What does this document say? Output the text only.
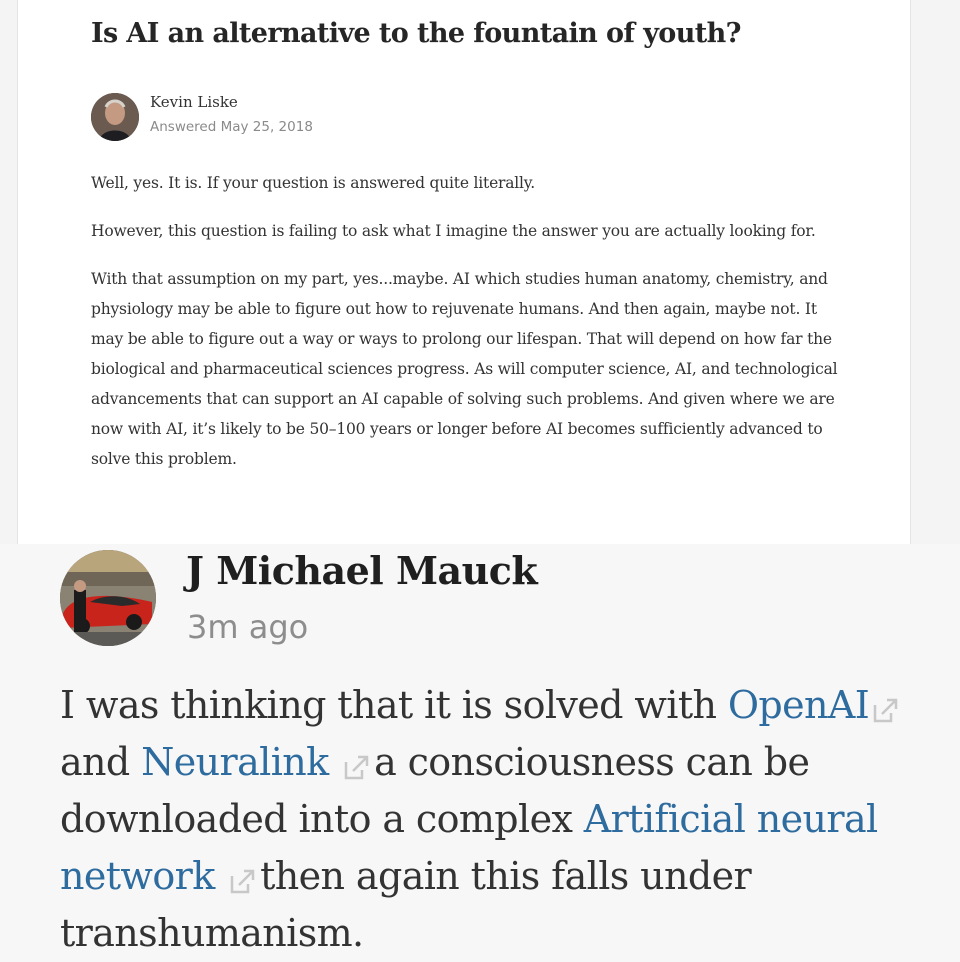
Is AI an alternative to the fountain of youth?
Kevin Liske
Answered May 25, 2018

Well, yes. It is. If your question is answered quite literally.

However, this question is failing to ask what I imagine the answer you are actually looking for.

With that assumption on my part, yes...maybe. AI which studies human anatomy, chemistry, and physiology may be able to figure out how to rejuvenate humans. And then again, maybe not. It may be able to figure out a way or ways to prolong our lifespan. That will depend on how far the biological and pharmaceutical sciences progress. As will computer science, AI, and technological advancements that can support an AI capable of solving such problems. And given where we are now with AI, it’s likely to be 50–100 years or longer before AI becomes sufficiently advanced to solve this problem.

J Michael Mauck
3m ago

I was thinking that it is solved with OpenAI

and Neuralink a consciousness can be downloaded into a complex Artificial neural network then again this falls under transhumanism.
